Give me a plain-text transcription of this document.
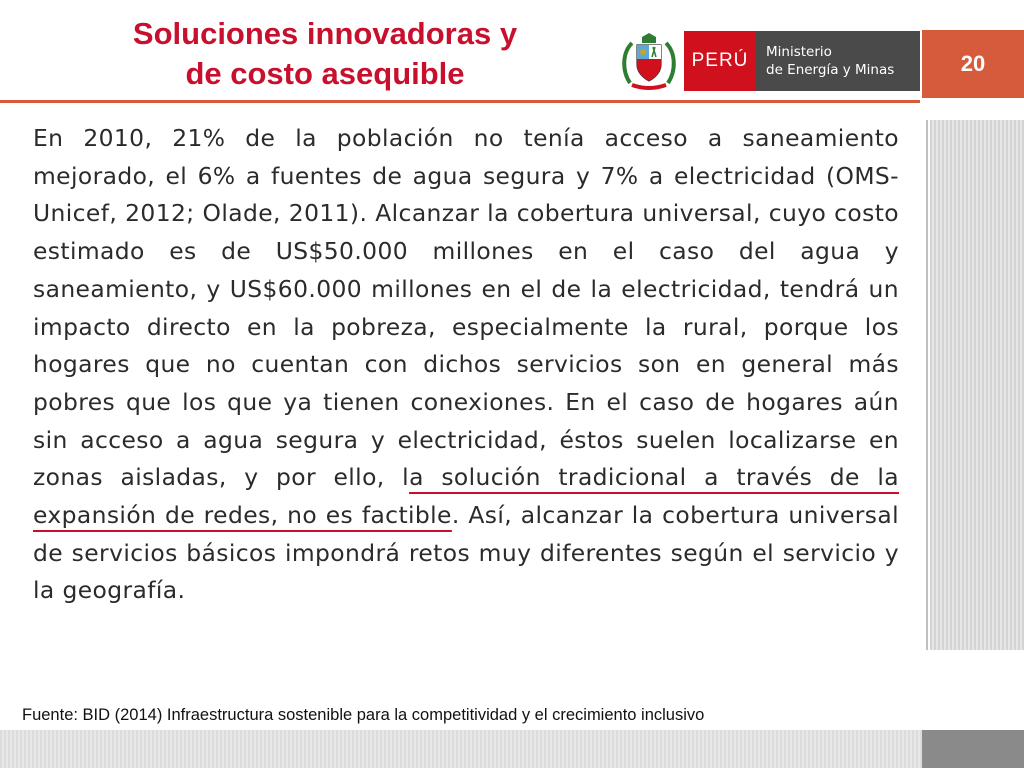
Soluciones innovadoras y
de costo asequible	PERÚ	Ministerio
de Energía y Minas	20
En 2010, 21% de la población no tenía acceso a saneamiento mejorado, el 6% a fuentes de agua segura y 7% a electricidad (OMS-Unicef, 2012; Olade, 2011). Alcanzar la cobertura universal, cuyo costo estimado es de US$50.000 millones en el caso del agua y saneamiento, y US$60.000 millones en el de la electricidad, tendrá un impacto directo en la pobreza, especialmente la rural, porque los hogares que no cuentan con dichos servicios son en general más pobres que los que ya tienen conexiones. En el caso de hogares aún sin acceso a agua segura y electricidad, éstos suelen localizarse en zonas aisladas, y por ello, la solución tradicional a través de la expansión de redes, no es factible. Así, alcanzar la cobertura universal de servicios básicos impondrá retos muy diferentes según el servicio y la geografía.
Fuente: BID (2014) Infraestructura sostenible para la competitividad y el crecimiento inclusivo
